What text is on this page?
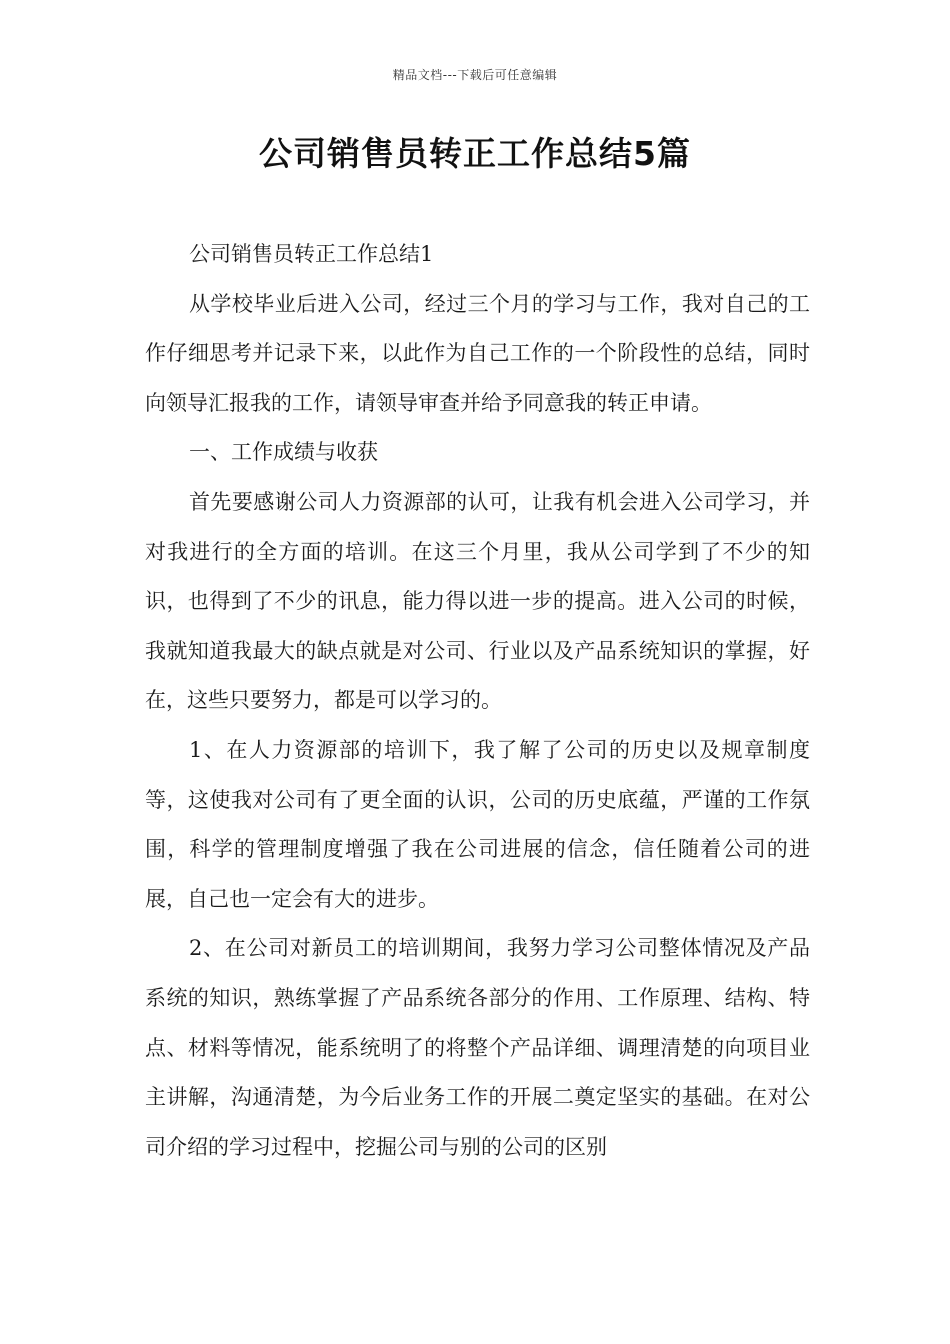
精品文档---下载后可任意编辑
公司销售员转正工作总结5篇

公司销售员转正工作总结1

从学校毕业后进入公司，经过三个月的学习与工作，我对自己的工作仔细思考并记录下来，以此作为自己工作的一个阶段性的总结，同时向领导汇报我的工作，请领导审查并给予同意我的转正申请。

一、工作成绩与收获

首先要感谢公司人力资源部的认可，让我有机会进入公司学习，并对我进行的全方面的培训。在这三个月里，我从公司学到了不少的知识，也得到了不少的讯息，能力得以进一步的提高。进入公司的时候，我就知道我最大的缺点就是对公司、行业以及产品系统知识的掌握，好在，这些只要努力，都是可以学习的。

1、在人力资源部的培训下，我了解了公司的历史以及规章制度等，这使我对公司有了更全面的认识，公司的历史底蕴，严谨的工作氛围，科学的管理制度增强了我在公司进展的信念，信任随着公司的进展，自己也一定会有大的进步。

2、在公司对新员工的培训期间，我努力学习公司整体情况及产品系统的知识，熟练掌握了产品系统各部分的作用、工作原理、结构、特点、材料等情况，能系统明了的将整个产品详细、调理清楚的向项目业主讲解，沟通清楚，为今后业务工作的开展二奠定坚实的基础。在对公司介绍的学习过程中，挖掘公司与别的公司的区别
